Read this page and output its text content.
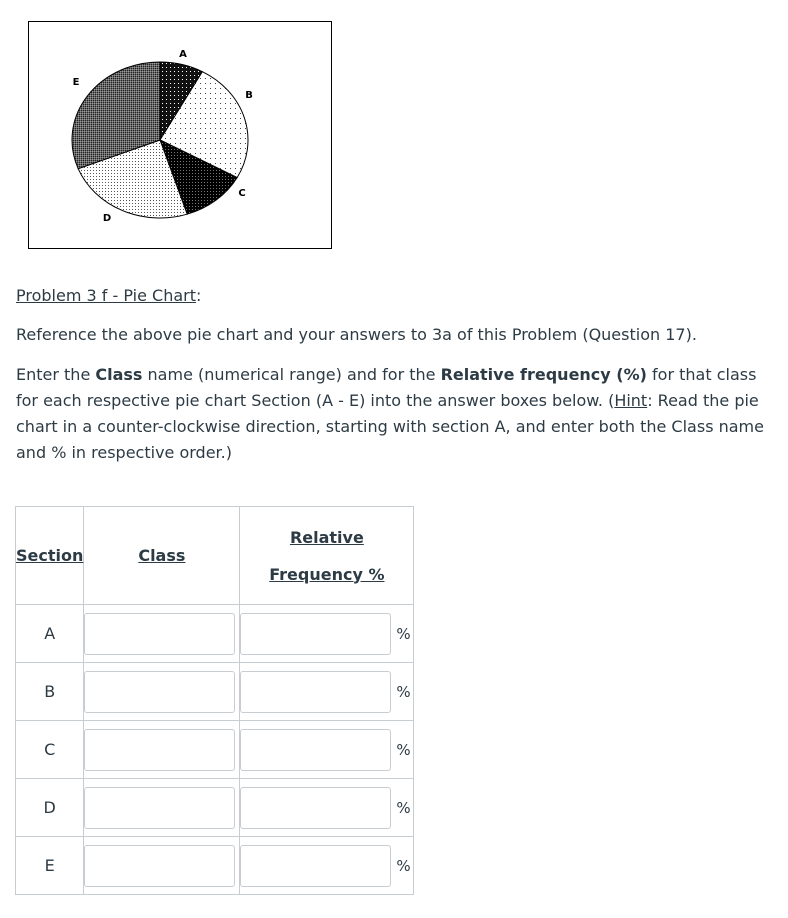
A
B
C
D
E
Problem 3 f - Pie Chart:
Reference the above pie chart and your answers to 3a of this Problem (Question 17).
Enter the Class name (numerical range) and for the Relative frequency (%) for that class for each respective pie chart Section (A - E) into the answer boxes below. (Hint: Read the pie chart in a counter-clockwise direction, starting with section A, and enter both the Class name and % in respective order.)
Section	Class	Relative
Frequency %
A		%

B		%

C		%

D		%

E		%
